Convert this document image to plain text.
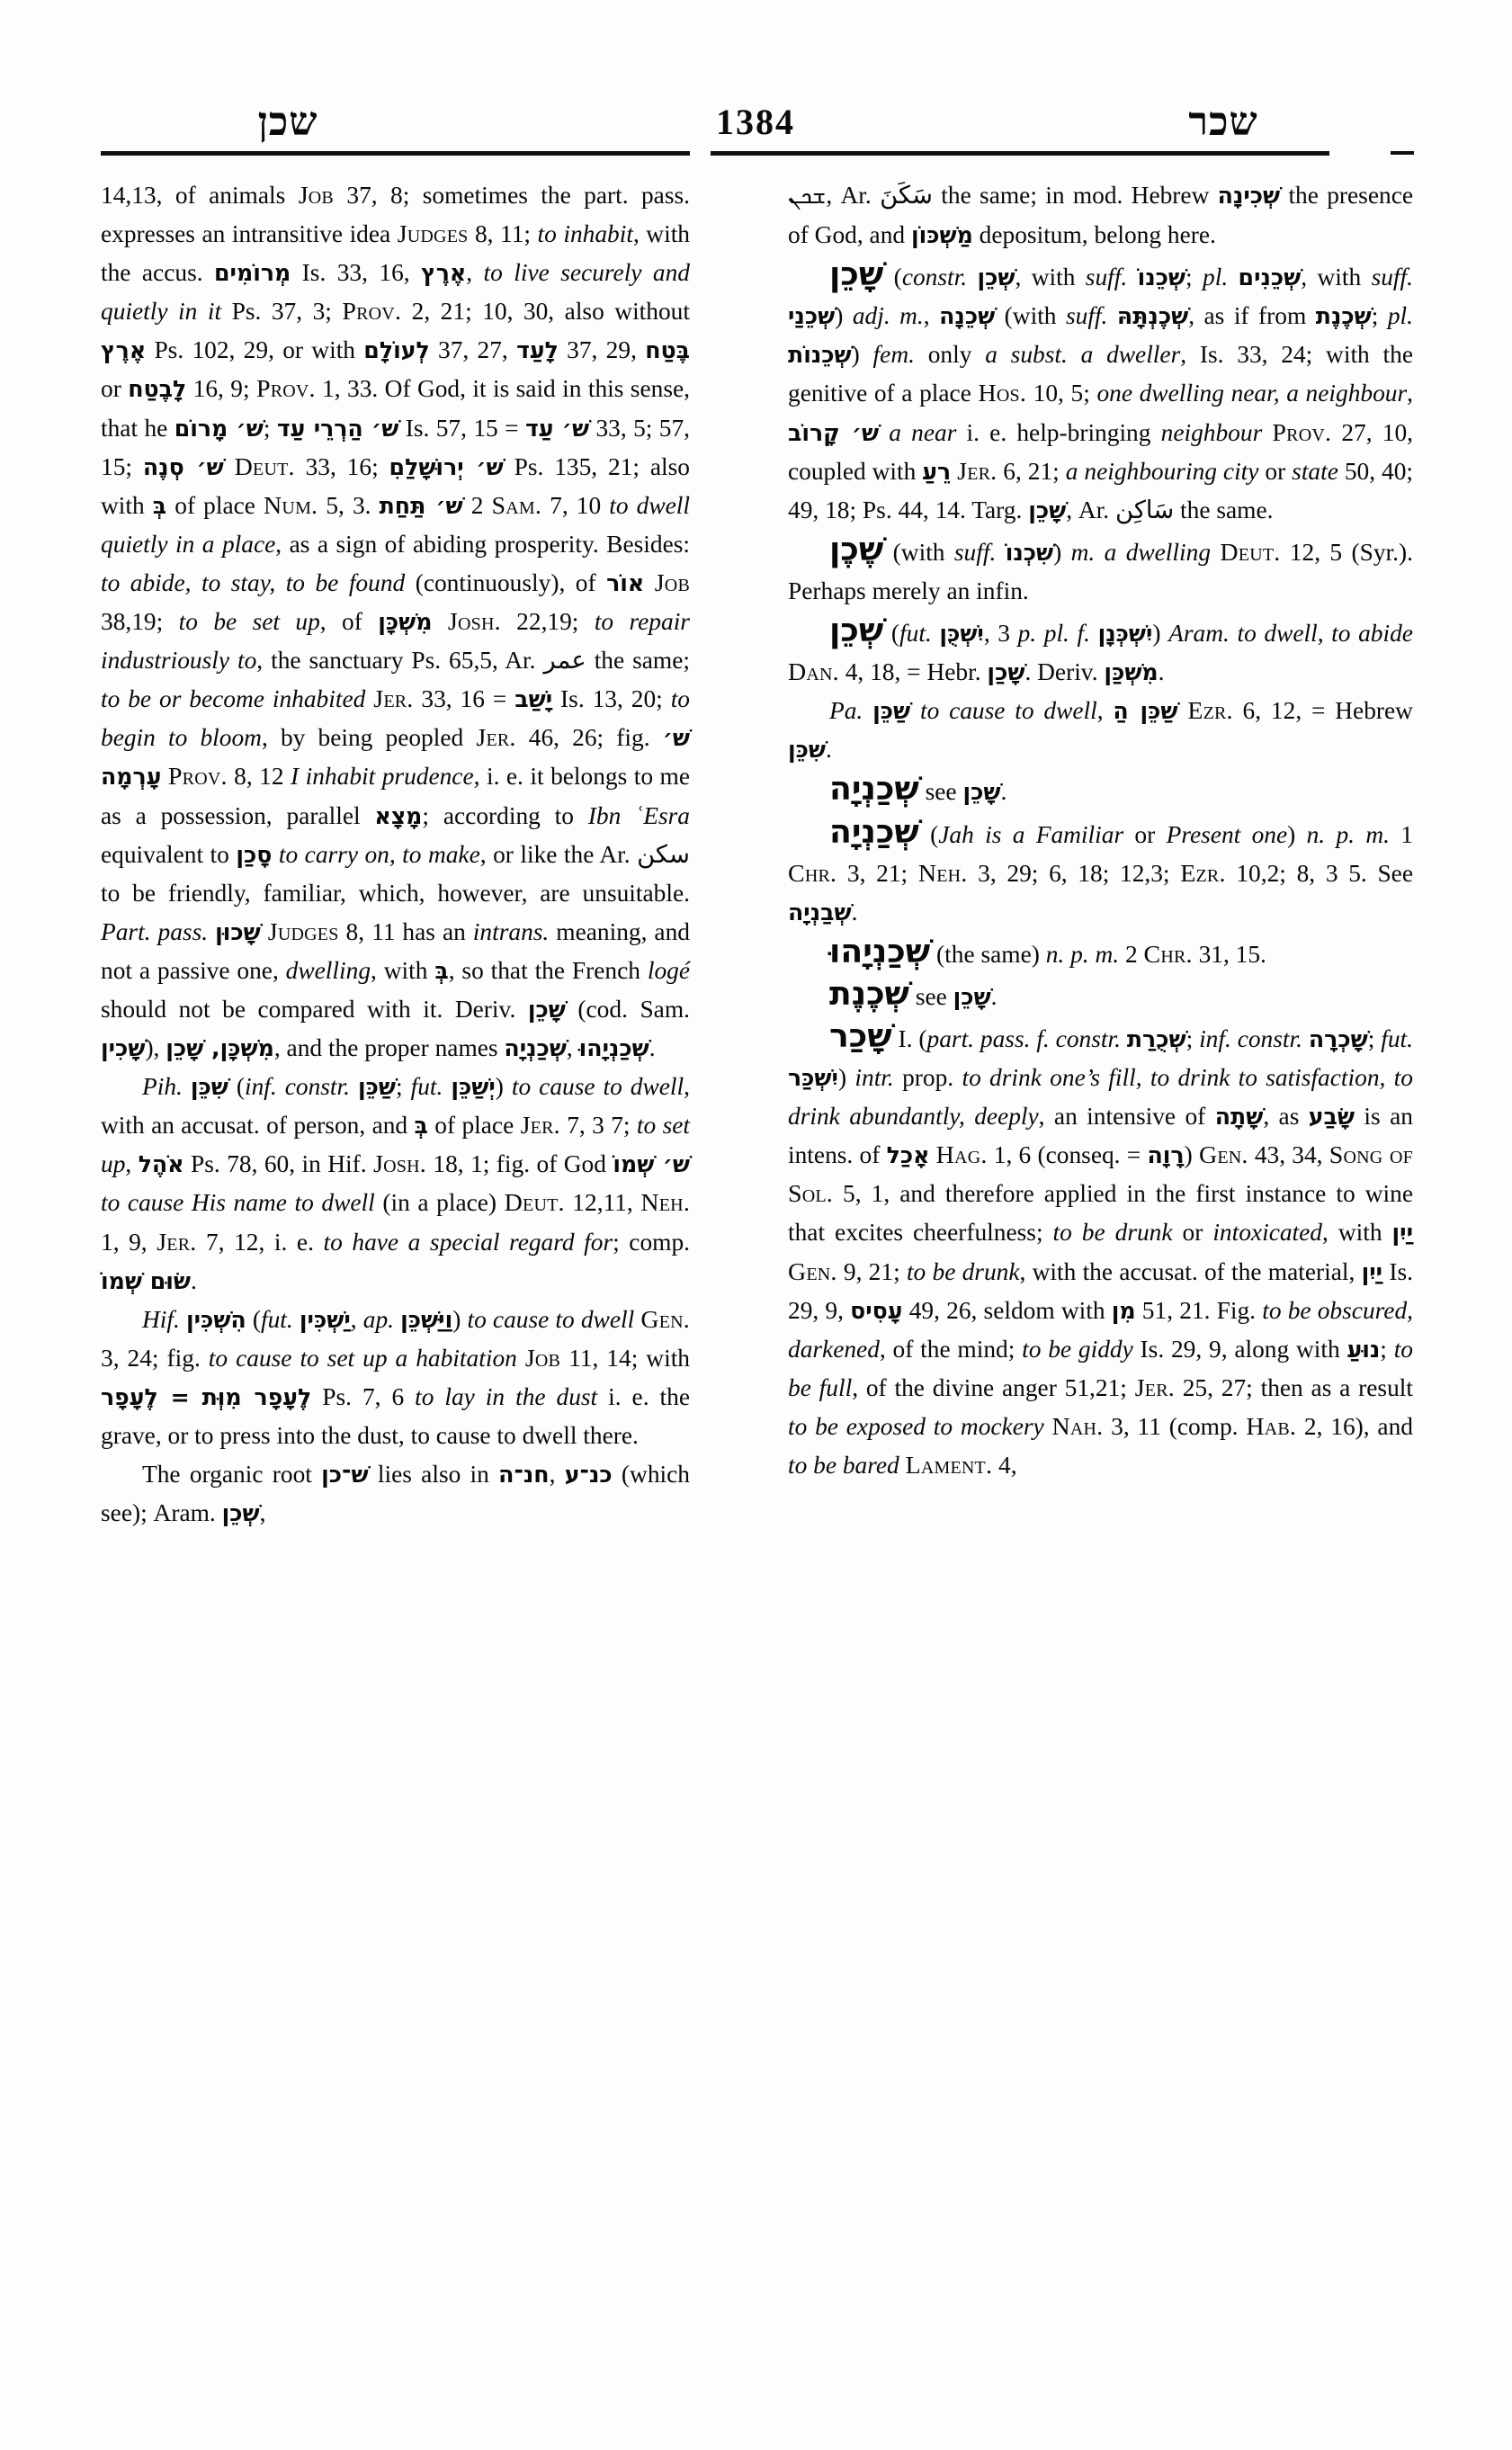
שכן	1384	שכר

14,13, of animals Job 37, 8; sometimes the part. pass. expresses an intransitive idea Judges 8, 11; to inhabit, with the accus. מְרוֹמִים Is. 33, 16, אֶרֶץ, to live securely and quietly in it Ps. 37, 3; Prov. 2, 21; 10, 30, also without אֶרֶץ Ps. 102, 29, or with לְעוֹלָם 37, 27, לָעַד 37, 29, בֶּטַח or לָבֶטַח 16, 9; Prov. 1, 33. Of God, it is said in this sense, that he שׁ׳ מָרוֹם; שׁ׳ הַרְרֵי עַד Is. 57, 15 = שׁ׳ עַד 33, 5; 57, 15; שׁ׳ סְנֶה Deut. 33, 16; שׁ׳ יְרוּשָׁלַםִ Ps. 135, 21; also with בְּ of place Num. 5, 3. שׁ׳ תַּחַת 2 Sam. 7, 10 to dwell quietly in a place, as a sign of abiding prosperity. Besides: to abide, to stay, to be found (continuously), of אוֹר Job 38,19; to be set up, of מִשְׁכָּן Josh. 22,19; to repair industriously to, the sanctuary Ps. 65,5, Ar. عمر the same; to be or become inhabited Jer. 33, 16 = יָשַׁב Is. 13, 20; to begin to bloom, by being peopled Jer. 46, 26; fig. שׁ׳ עָרְמָה Prov. 8, 12 I inhabit prudence, i. e. it belongs to me as a possession, parallel מָצָא; according to Ibn ʿEsra equivalent to סָכַן to carry on, to make, or like the Ar. سكن to be friendly, familiar, which, however, are unsuitable. Part. pass. שָׁכוּן Judges 8, 11 has an intrans. meaning, and not a passive one, dwelling, with בְּ, so that the French logé should not be compared with it. Deriv. שָׁכֵן (cod. Sam. שָׁכִין), מִשְׁכָּן, שָׁכֵן, and the proper names שְׁכַנְיָה, שְׁכַנְיָהוּ.

Pih. שִׁכֵּן (inf. constr. שַׁכֵּן; fut. יְשַׁכֵּן) to cause to dwell, with an accusat. of person, and בְּ of place Jer. 7, 3 7; to set up, אֹהֶל Ps. 78, 60, in Hif. Josh. 18, 1; fig. of God שׁ׳ שְׁמוֹ to cause His name to dwell (in a place) Deut. 12,11, Neh. 1, 9, Jer. 7, 12, i. e. to have a special regard for; comp. שׂוּם שְׁמוֹ.

Hif. הִשְׁכִּין (fut. יַשְׁכִּין, ap. וַיַּשְׁכֵּן) to cause to dwell Gen. 3, 24; fig. to cause to set up a habitation Job 11, 14; with לֶעָפָר מִוְּת = לֶעָפָר Ps. 7, 6 to lay in the dust i. e. the grave, or to press into the dust, to cause to dwell there.

The organic root שׁ־כן lies also in חנ־ה, כנ־ע (which see); Aram. שְׁכֵן,

ܫܟܢ, Ar. سَكَنَ the same; in mod. Hebrew שְׁכִינָה the presence of God, and מַשְׁכּוֹן depositum, belong here.

שָׁכֵן (constr. שְׁכֵן, with suff. שְׁכֵנוֹ; pl. שְׁכֵנִים, with suff. שְׁכֵנַי) adj. m., שְׁכֵנָה (with suff. שְׁכֶנְתָּהּ, as if from שְׁכֶנֶת; pl. שְׁכֵנוֹת) fem. only a subst. a dweller, Is. 33, 24; with the genitive of a place Hos. 10, 5; one dwelling near, a neighbour, שׁ׳ קָרוֹב a near i. e. help-bringing neighbour Prov. 27, 10, coupled with רֵעַ Jer. 6, 21; a neighbouring city or state 50, 40; 49, 18; Ps. 44, 14. Targ. שָׁכֵן, Ar. سَاكِن the same.

שֶׁכֶן (with suff. שִׁכְנוֹ) m. a dwelling Deut. 12, 5 (Syr.). Perhaps merely an infin.

שְׁכֵן (fut. יִשְׁכֻּן, 3 p. pl. f. יִשְׁכְּנָן) Aram. to dwell, to abide Dan. 4, 18, = Hebr. שָׁכַן. Deriv. מִשְׁכַּן.

Pa. שַׁכֵּן to cause to dwell, שַׁכֵּן הַ Ezr. 6, 12, = Hebrew שִׁכֵּן.

שְׁכַנְיָה see שָׁכֵן.

שְׁכַנְיָה (Jah is a Familiar or Present one) n. p. m. 1 Chr. 3, 21; Neh. 3, 29; 6, 18; 12,3; Ezr. 10,2; 8, 3 5. See שְׁבַנְיָה.

שְׁכַנְיָהוּ (the same) n. p. m. 2 Chr. 31, 15.

שְׁכֶנֶת see שָׁכֵן.

שָׁכַר I. (part. pass. f. constr. שְׁכֻרַת; inf. constr. שָׁכְרָה; fut. יִשְׁכַּר) intr. prop. to drink one’s fill, to drink to satisfaction, to drink abundantly, deeply, an intensive of שָׁתָה, as שָׂבַע is an intens. of אָכַל Hag. 1, 6 (conseq. = רָוָה) Gen. 43, 34, Song of Sol. 5, 1, and therefore applied in the first instance to wine that excites cheerfulness; to be drunk or intoxicated, with יַיִן Gen. 9, 21; to be drunk, with the accusat. of the material, יַיִן Is. 29, 9, עָסִיס 49, 26, seldom with מִן 51, 21. Fig. to be obscured, darkened, of the mind; to be giddy Is. 29, 9, along with נוּעַ; to be full, of the divine anger 51,21; Jer. 25, 27; then as a result to be exposed to mockery Nah. 3, 11 (comp. Hab. 2, 16), and to be bared Lament. 4,
